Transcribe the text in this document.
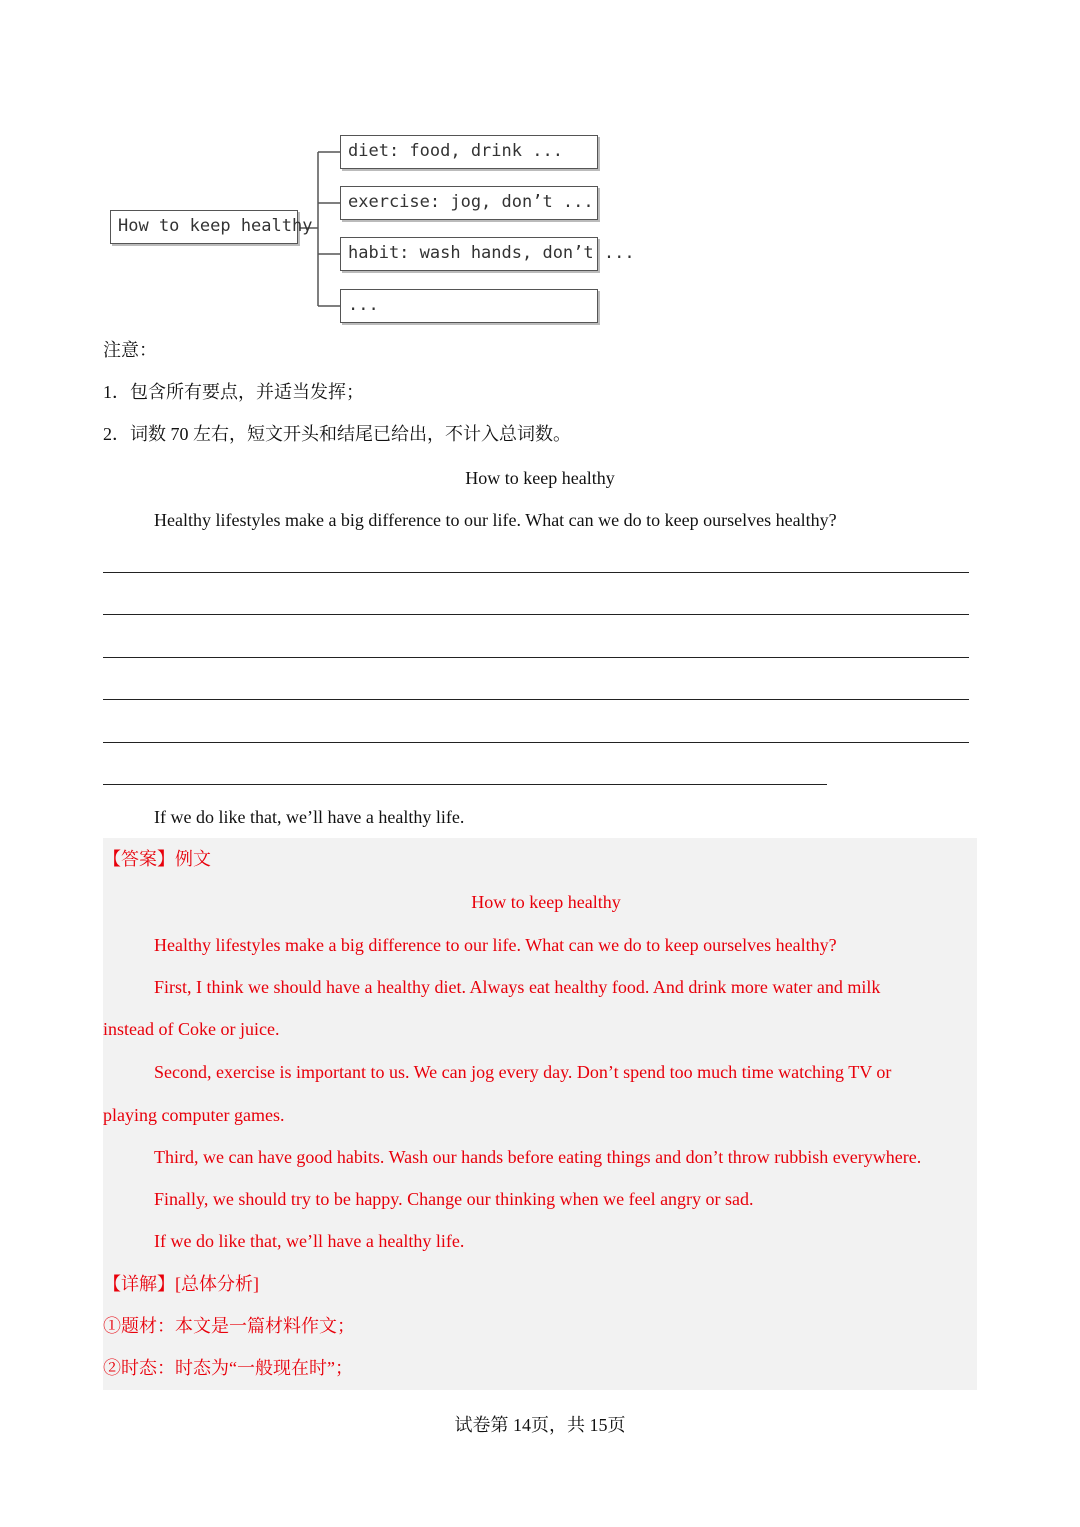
How to keep healthy
diet: food, drink ...
exercise: jog, don’t ...
habit: wash hands, don’t ...
...
注意：
1．包含所有要点，并适当发挥；
2．词数 70 左右，短文开头和结尾已给出，不计入总词数。
How to keep healthy
Healthy lifestyles make a big difference to our life. What can we do to keep ourselves healthy?
If we do like that, we’ll have a healthy life.
【答案】例文
How to keep healthy
Healthy lifestyles make a big difference to our life. What can we do to keep ourselves healthy?
First, I think we should have a healthy diet. Always eat healthy food. And drink more water and milk
instead of Coke or juice.
Second, exercise is important to us. We can jog every day. Don’t spend too much time watching TV or
playing computer games.
Third, we can have good habits. Wash our hands before eating things and don’t throw rubbish everywhere.
Finally, we should try to be happy. Change our thinking when we feel angry or sad.
If we do like that, we’ll have a healthy life.
【详解】[总体分析]
①题材：本文是一篇材料作文；
②时态：时态为“一般现在时”；
试卷第 14页，共 15页
